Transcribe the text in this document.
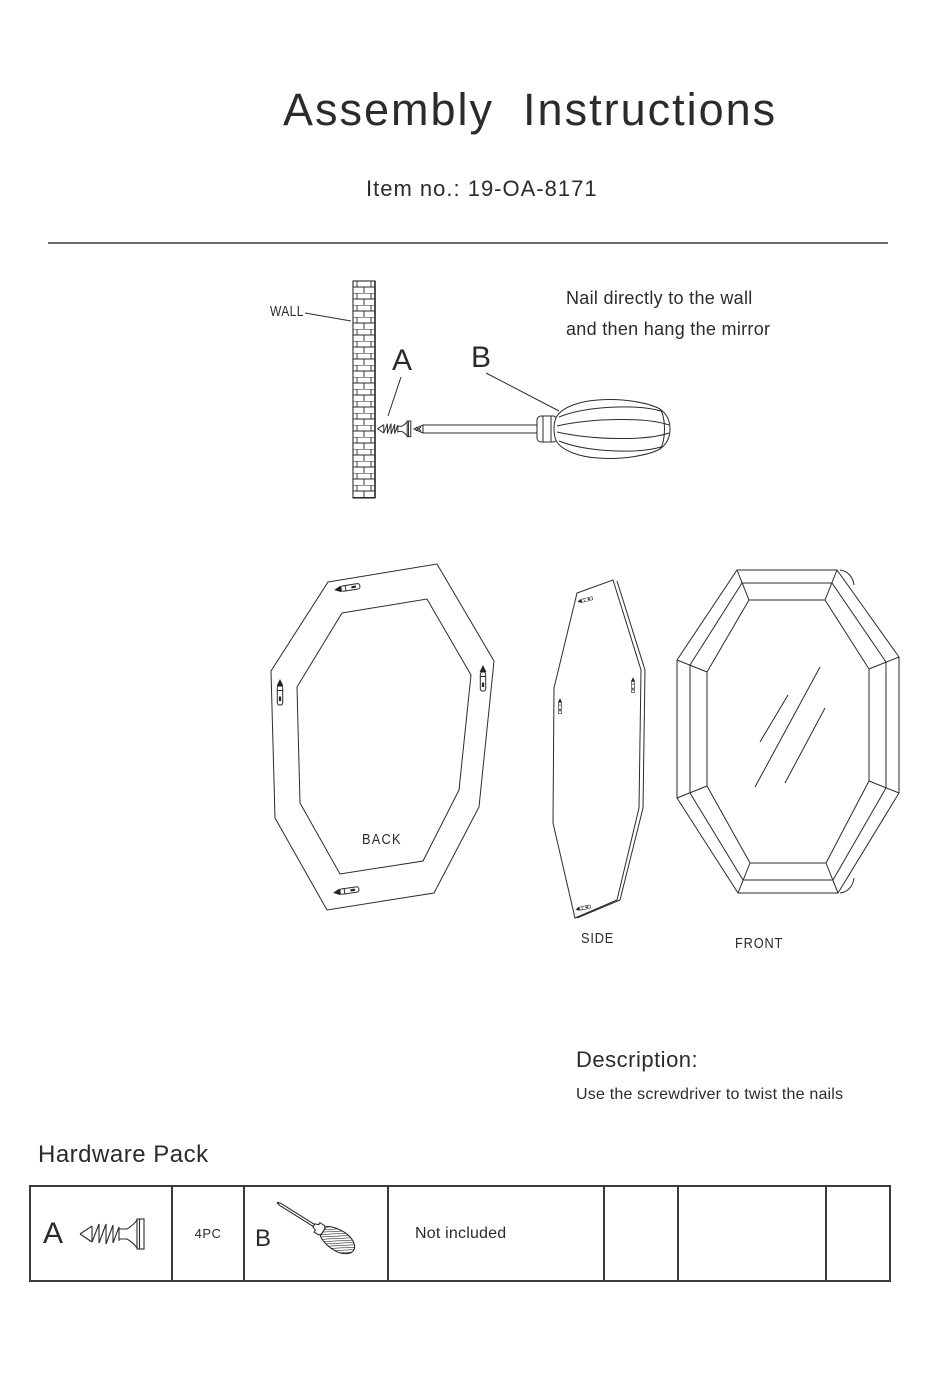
Assembly  Instructions
Item no.: 19-OA-8171
WALL
A B
Nail directly to the wall
and then hang the mirror
BACK
SIDE	FRONT
Description:
Use the screwdriver to twist the nails
Hardware Pack
A	4PC B	Not included
